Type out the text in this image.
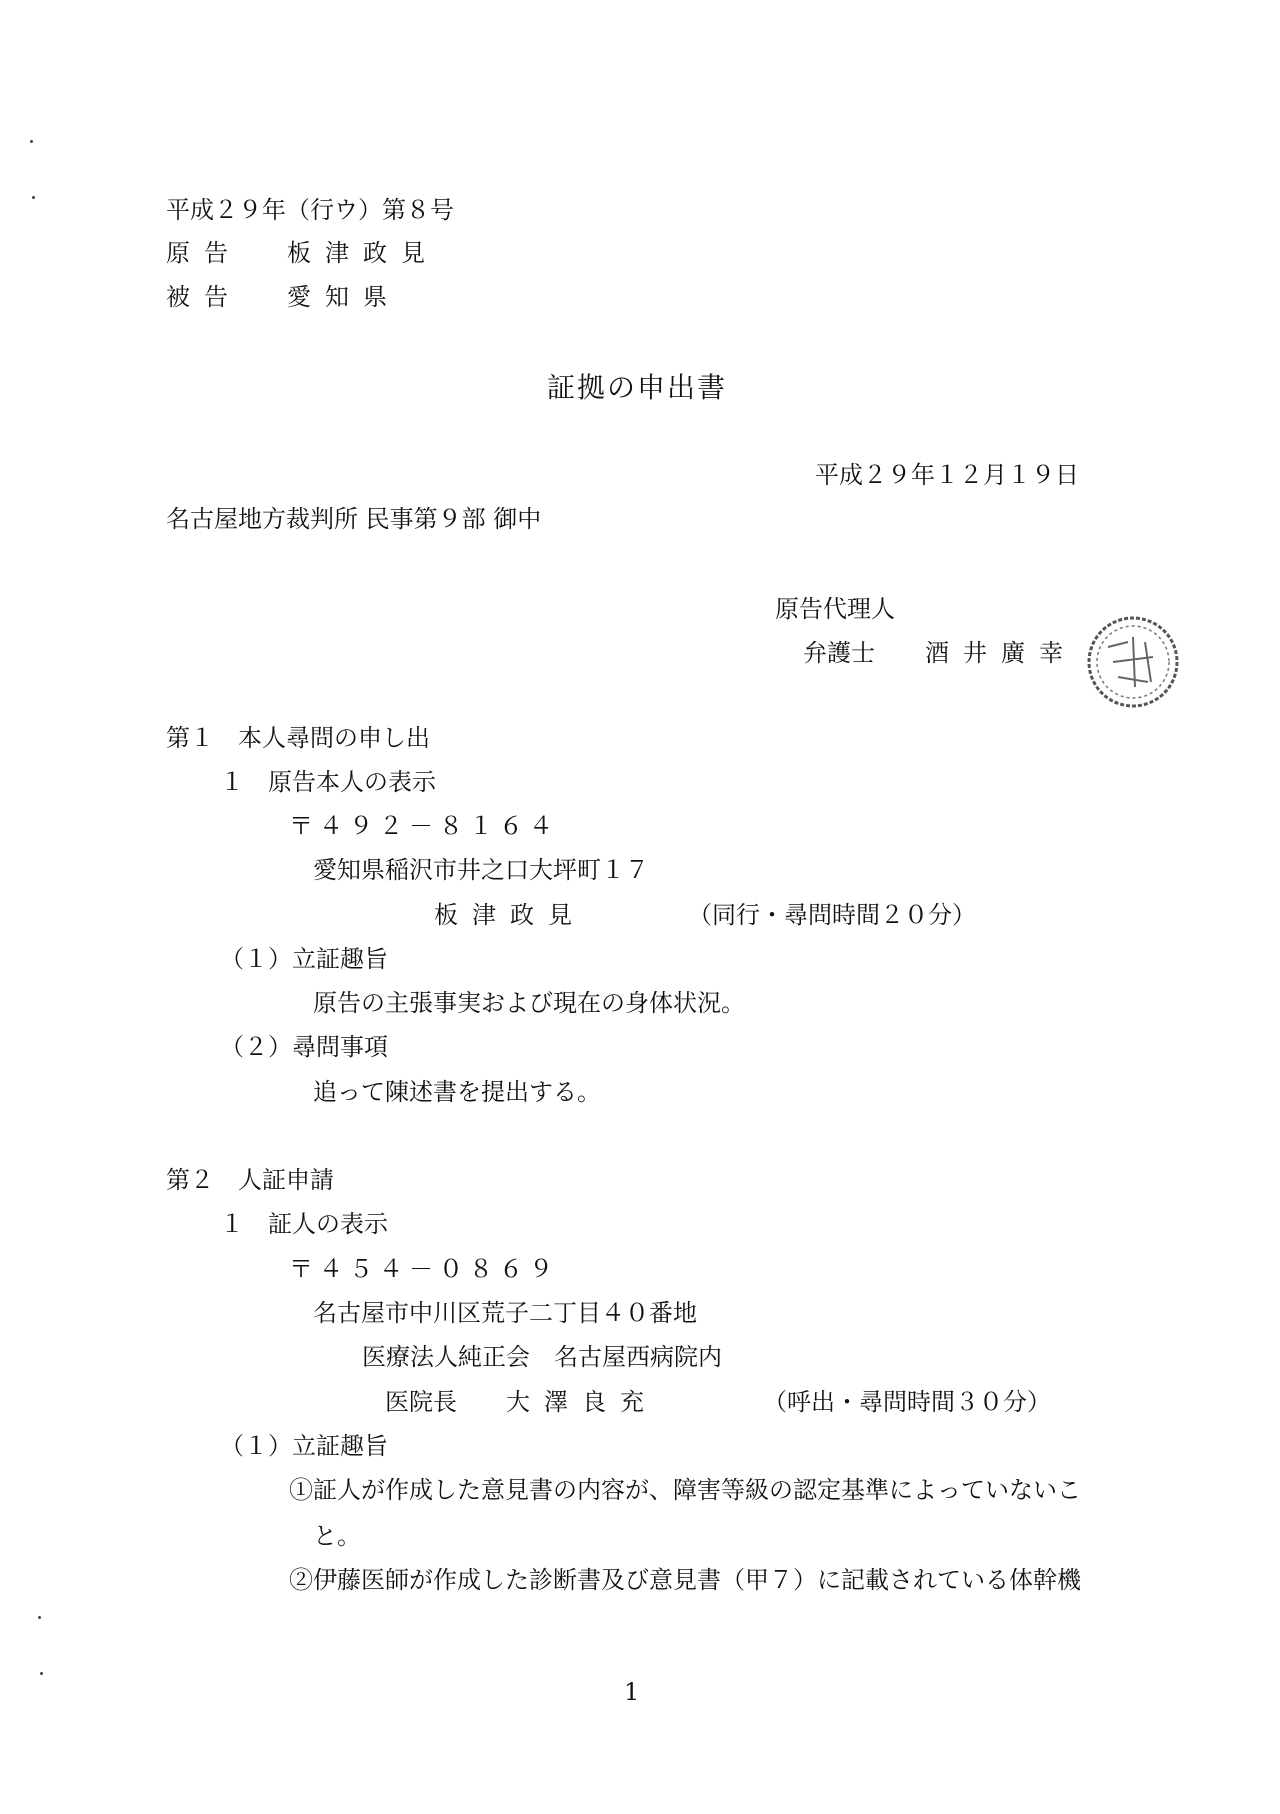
平成２９年（行ウ）第８号
原告 板津政見
被告 愛知県
証拠の申出書
平成２９年１２月１９日
名古屋地方裁判所 民事第９部 御中
原告代理人
弁護士 酒井廣幸
第１　本人尋問の申し出
１　原告本人の表示
〒４９２－８１６４
愛知県稲沢市井之口大坪町１７
板津政見	（同行・尋問時間２０分）
（１）立証趣旨
原告の主張事実および現在の身体状況。
（２）尋問事項
追って陳述書を提出する。
第２　人証申請
１　証人の表示
〒４５４－０８６９
名古屋市中川区荒子二丁目４０番地
医療法人純正会　名古屋西病院内
医院長 大澤良充	（呼出・尋問時間３０分）
（１）立証趣旨
①証人が作成した意見書の内容が、障害等級の認定基準によっていないこ
と。
②伊藤医師が作成した診断書及び意見書（甲７）に記載されている体幹機
1
